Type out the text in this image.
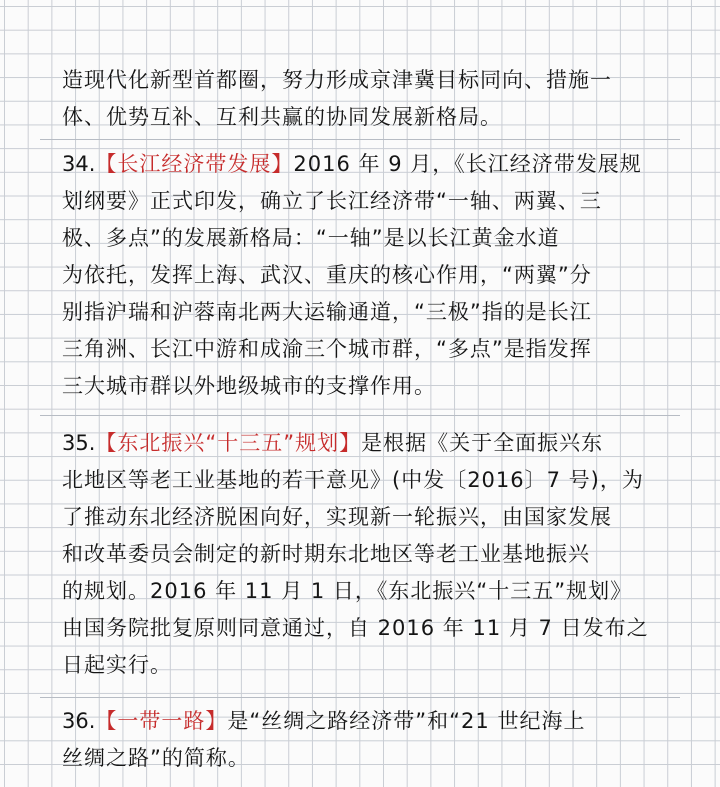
造现代化新型首都圈，努力形成京津冀目标同向、措施一
体、优势互补、互利共赢的协同发展新格局。
34.【长江经济带发展】2016 年 9 月，《长江经济带发展规
划纲要》正式印发，确立了长江经济带“一轴、两翼、三
极、多点”的发展新格局：“一轴”是以长江黄金水道
为依托，发挥上海、武汉、重庆的核心作用，“两翼”分
别指沪瑞和沪蓉南北两大运输通道，“三极”指的是长江
三角洲、长江中游和成渝三个城市群，“多点”是指发挥
三大城市群以外地级城市的支撑作用。
35.【东北振兴“十三五”规划】是根据《关于全面振兴东
北地区等老工业基地的若干意见》(中发〔2016〕7 号)，为
了推动东北经济脱困向好，实现新一轮振兴，由国家发展
和改革委员会制定的新时期东北地区等老工业基地振兴
的规划。2016 年 11 月 1 日，《东北振兴“十三五”规划》
由国务院批复原则同意通过，自 2016 年 11 月 7 日发布之
日起实行。
36.【一带一路】是“丝绸之路经济带”和“21 世纪海上
丝绸之路”的简称。
